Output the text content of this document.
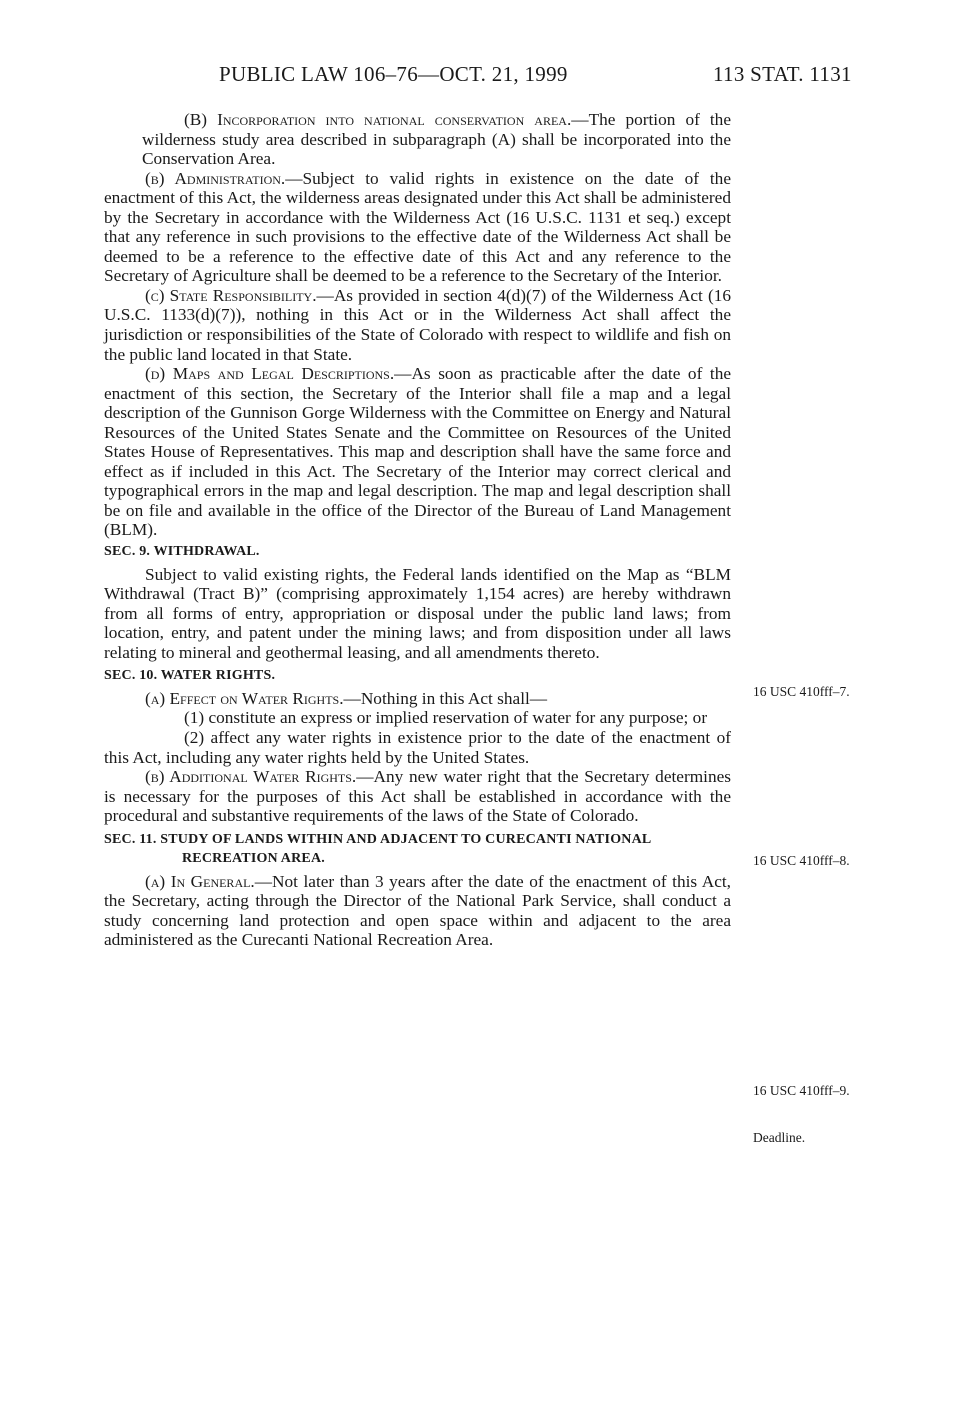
PUBLIC LAW 106–76—OCT. 21, 1999	113 STAT. 1131

(B) Incorporation into national conservation area.—The portion of the wilderness study area described in subparagraph (A) shall be incorporated into the Conservation Area.

(b) Administration.—Subject to valid rights in existence on the date of the enactment of this Act, the wilderness areas designated under this Act shall be administered by the Secretary in accordance with the Wilderness Act (16 U.S.C. 1131 et seq.) except that any reference in such provisions to the effective date of the Wilderness Act shall be deemed to be a reference to the effective date of this Act and any reference to the Secretary of Agriculture shall be deemed to be a reference to the Secretary of the Interior.

(c) State Responsibility.—As provided in section 4(d)(7) of the Wilderness Act (16 U.S.C. 1133(d)(7)), nothing in this Act or in the Wilderness Act shall affect the jurisdiction or responsibilities of the State of Colorado with respect to wildlife and fish on the public land located in that State.

(d) Maps and Legal Descriptions.—As soon as practicable after the date of the enactment of this section, the Secretary of the Interior shall file a map and a legal description of the Gunnison Gorge Wilderness with the Committee on Energy and Natural Resources of the United States Senate and the Committee on Resources of the United States House of Representatives. This map and description shall have the same force and effect as if included in this Act. The Secretary of the Interior may correct clerical and typographical errors in the map and legal description. The map and legal description shall be on file and available in the office of the Director of the Bureau of Land Management (BLM).

SEC. 9. WITHDRAWAL.

Subject to valid existing rights, the Federal lands identified on the Map as “BLM Withdrawal (Tract B)” (comprising approximately 1,154 acres) are hereby withdrawn from all forms of entry, appropriation or disposal under the public land laws; from location, entry, and patent under the mining laws; and from disposition under all laws relating to mineral and geothermal leasing, and all amendments thereto.

SEC. 10. WATER RIGHTS.

(a) Effect on Water Rights.—Nothing in this Act shall—

(1) constitute an express or implied reservation of water for any purpose; or

(2) affect any water rights in existence prior to the date of the enactment of this Act, including any water rights held by the United States.

(b) Additional Water Rights.—Any new water right that the Secretary determines is necessary for the purposes of this Act shall be established in accordance with the procedural and substantive requirements of the laws of the State of Colorado.

SEC. 11. STUDY OF LANDS WITHIN AND ADJACENT TO CURECANTI NATIONAL RECREATION AREA.

(a) In General.—Not later than 3 years after the date of the enactment of this Act, the Secretary, acting through the Director of the National Park Service, shall conduct a study concerning land protection and open space within and adjacent to the area administered as the Curecanti National Recreation Area.

16 USC 410fff–7.
16 USC 410fff–8.
16 USC 410fff–9.
Deadline.
